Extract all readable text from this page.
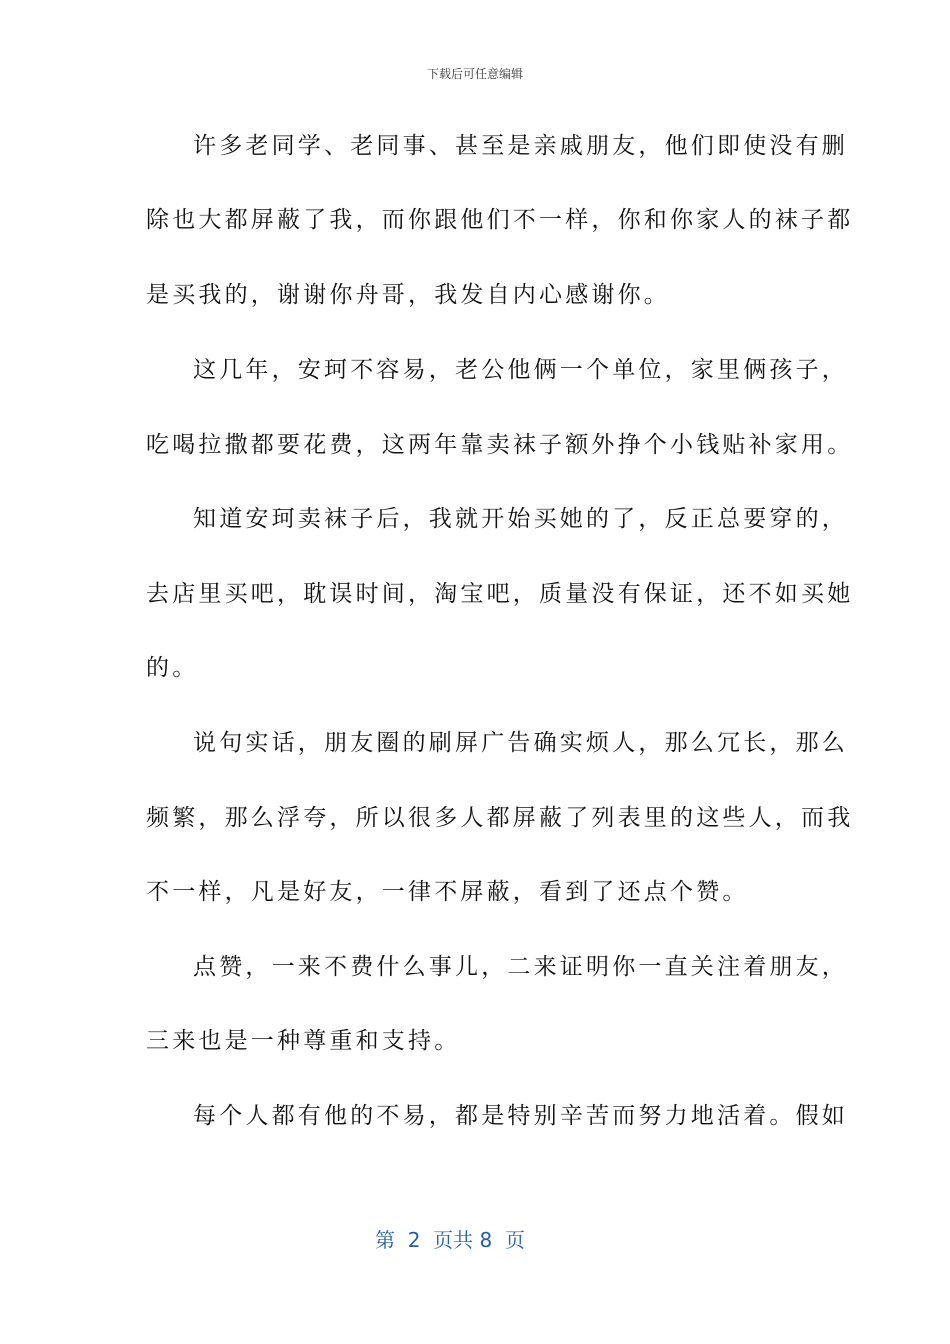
下载后可任意编辑
许多老同学、老同事、甚至是亲戚朋友，他们即使没有删
除也大都屏蔽了我，而你跟他们不一样，你和你家人的袜子都
是买我的，谢谢你舟哥，我发自内心感谢你。
这几年，安珂不容易，老公他俩一个单位，家里俩孩子，
吃喝拉撒都要花费，这两年靠卖袜子额外挣个小钱贴补家用。
知道安珂卖袜子后，我就开始买她的了，反正总要穿的，
去店里买吧，耽误时间，淘宝吧，质量没有保证，还不如买她
的。
说句实话，朋友圈的刷屏广告确实烦人，那么冗长，那么
频繁，那么浮夸，所以很多人都屏蔽了列表里的这些人，而我
不一样，凡是好友，一律不屏蔽，看到了还点个赞。
点赞，一来不费什么事儿，二来证明你一直关注着朋友，
三来也是一种尊重和支持。
每个人都有他的不易，都是特别辛苦而努力地活着。假如
第  2  页共 8  页
